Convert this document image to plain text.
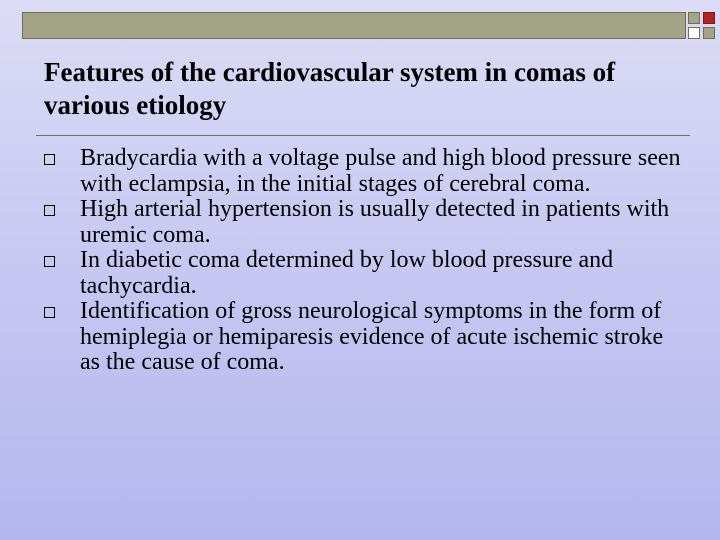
Features of the cardiovascular system in comas of various etiology
Bradycardia with a voltage pulse and high blood pressure seen with eclampsia, in the initial stages of cerebral coma.
High arterial hypertension is usually detected in patients with uremic coma.
In diabetic coma determined by low blood pressure and tachycardia.
Identification of gross neurological symptoms in the form of hemiplegia or hemiparesis evidence of acute ischemic stroke as the cause of coma.
